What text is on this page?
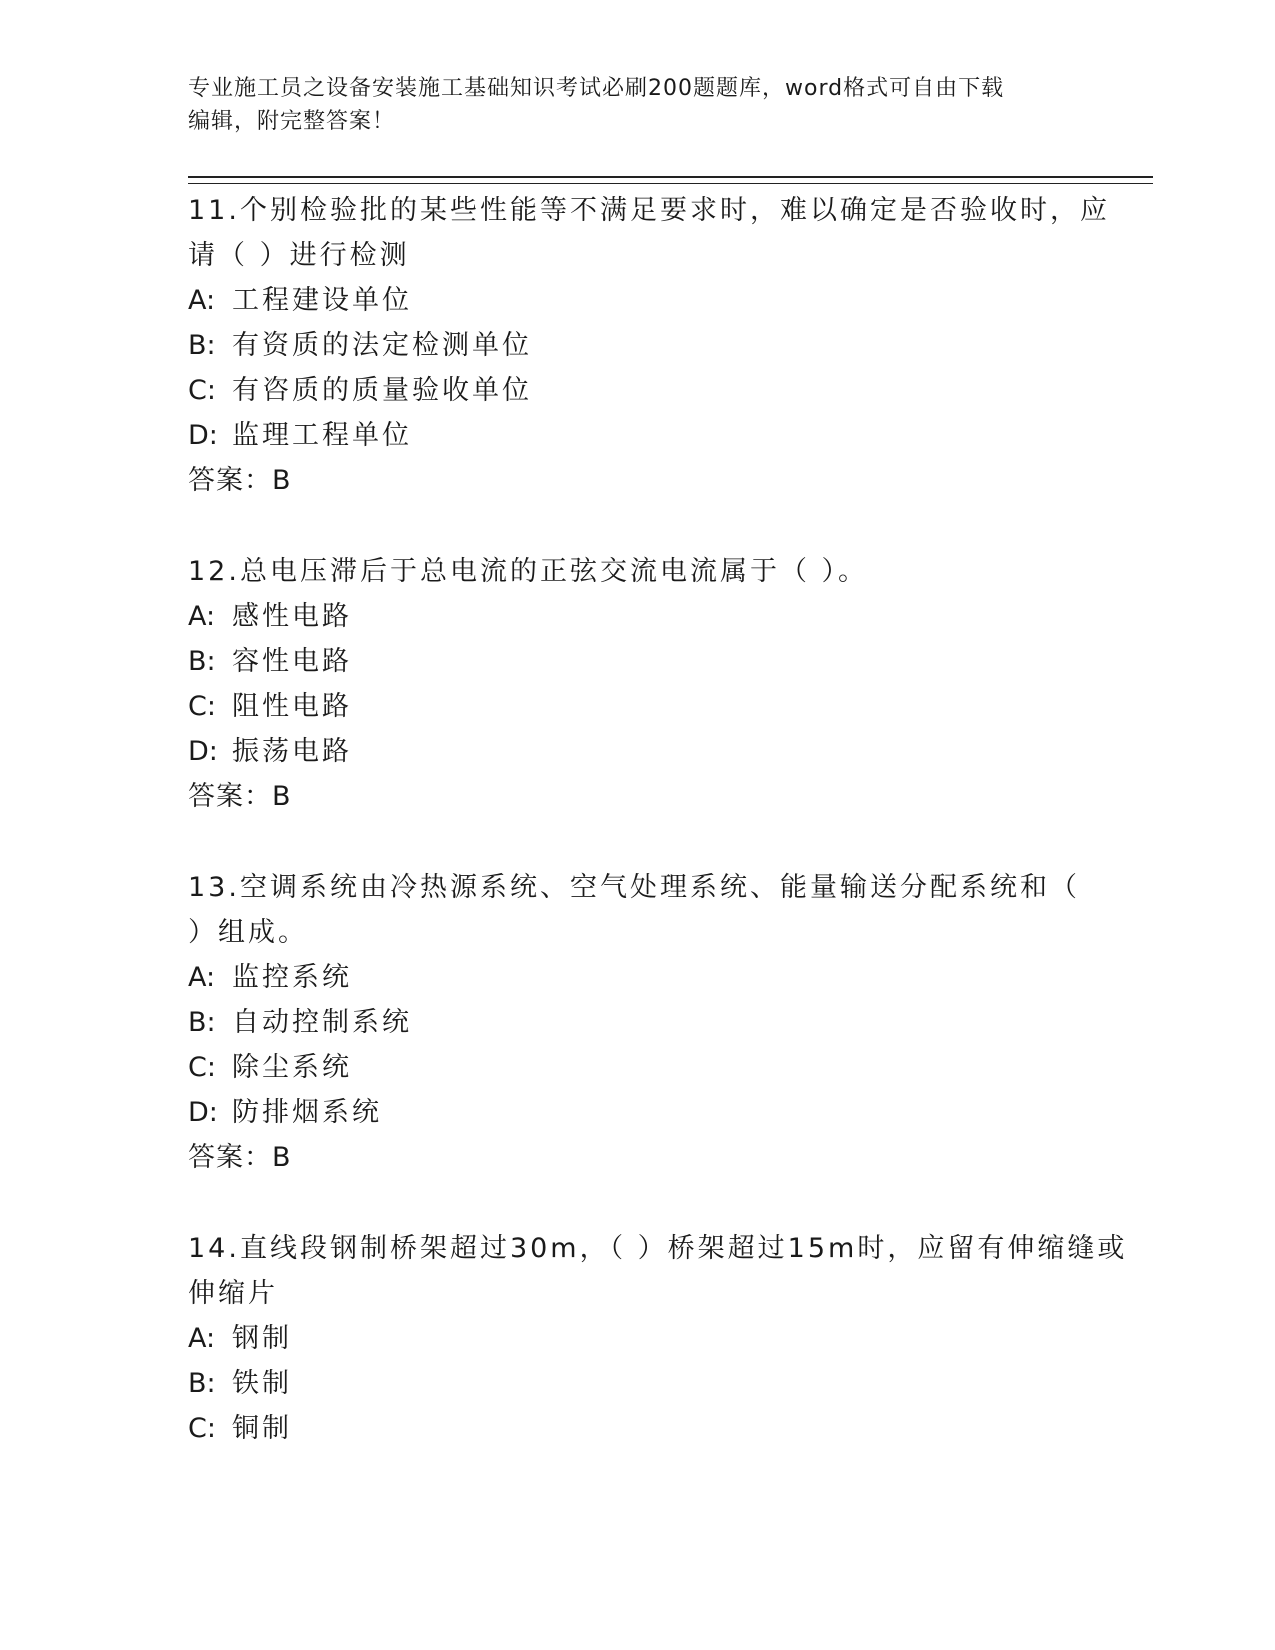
专业施工员之设备安装施工基础知识考试必刷200题题库，word格式可自由下载
编辑，附完整答案！
11.个别检验批的某些性能等不满足要求时，难以确定是否验收时，应
请（ ）进行检测
A: 工程建设单位
B: 有资质的法定检测单位
C: 有咨质的质量验收单位
D: 监理工程单位
答案：B
12.总电压滞后于总电流的正弦交流电流属于（ ）。
A: 感性电路
B: 容性电路
C: 阻性电路
D: 振荡电路
答案：B
13.空调系统由冷热源系统、空气处理系统、能量输送分配系统和（
）组成。
A: 监控系统
B: 自动控制系统
C: 除尘系统
D: 防排烟系统
答案：B
14.直线段钢制桥架超过30m，（ ）桥架超过15m时，应留有伸缩缝或
伸缩片
A: 钢制
B: 铁制
C: 铜制
